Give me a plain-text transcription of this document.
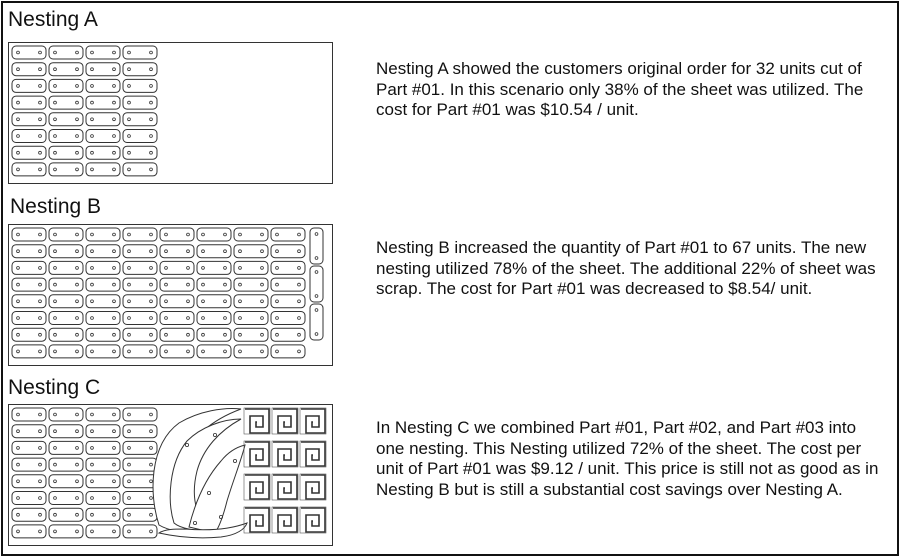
Nesting A
Nesting A showed the customers original order for 32 units cut of Part #01. In this scenario only 38% of the sheet was utilized. The cost for Part #01 was $10.54 / unit.
Nesting B
Nesting B increased the quantity of Part #01 to 67 units. The new nesting utilized 78% of the sheet. The additional 22% of sheet was scrap. The cost for Part #01 was decreased to $8.54/ unit.
Nesting C
In Nesting C we combined Part #01, Part #02, and Part #03 into one nesting. This Nesting utilized 72% of the sheet. The cost per unit of Part #01 was $9.12 / unit. This price is still not as good as in Nesting B but is still a substantial cost savings over Nesting A.
